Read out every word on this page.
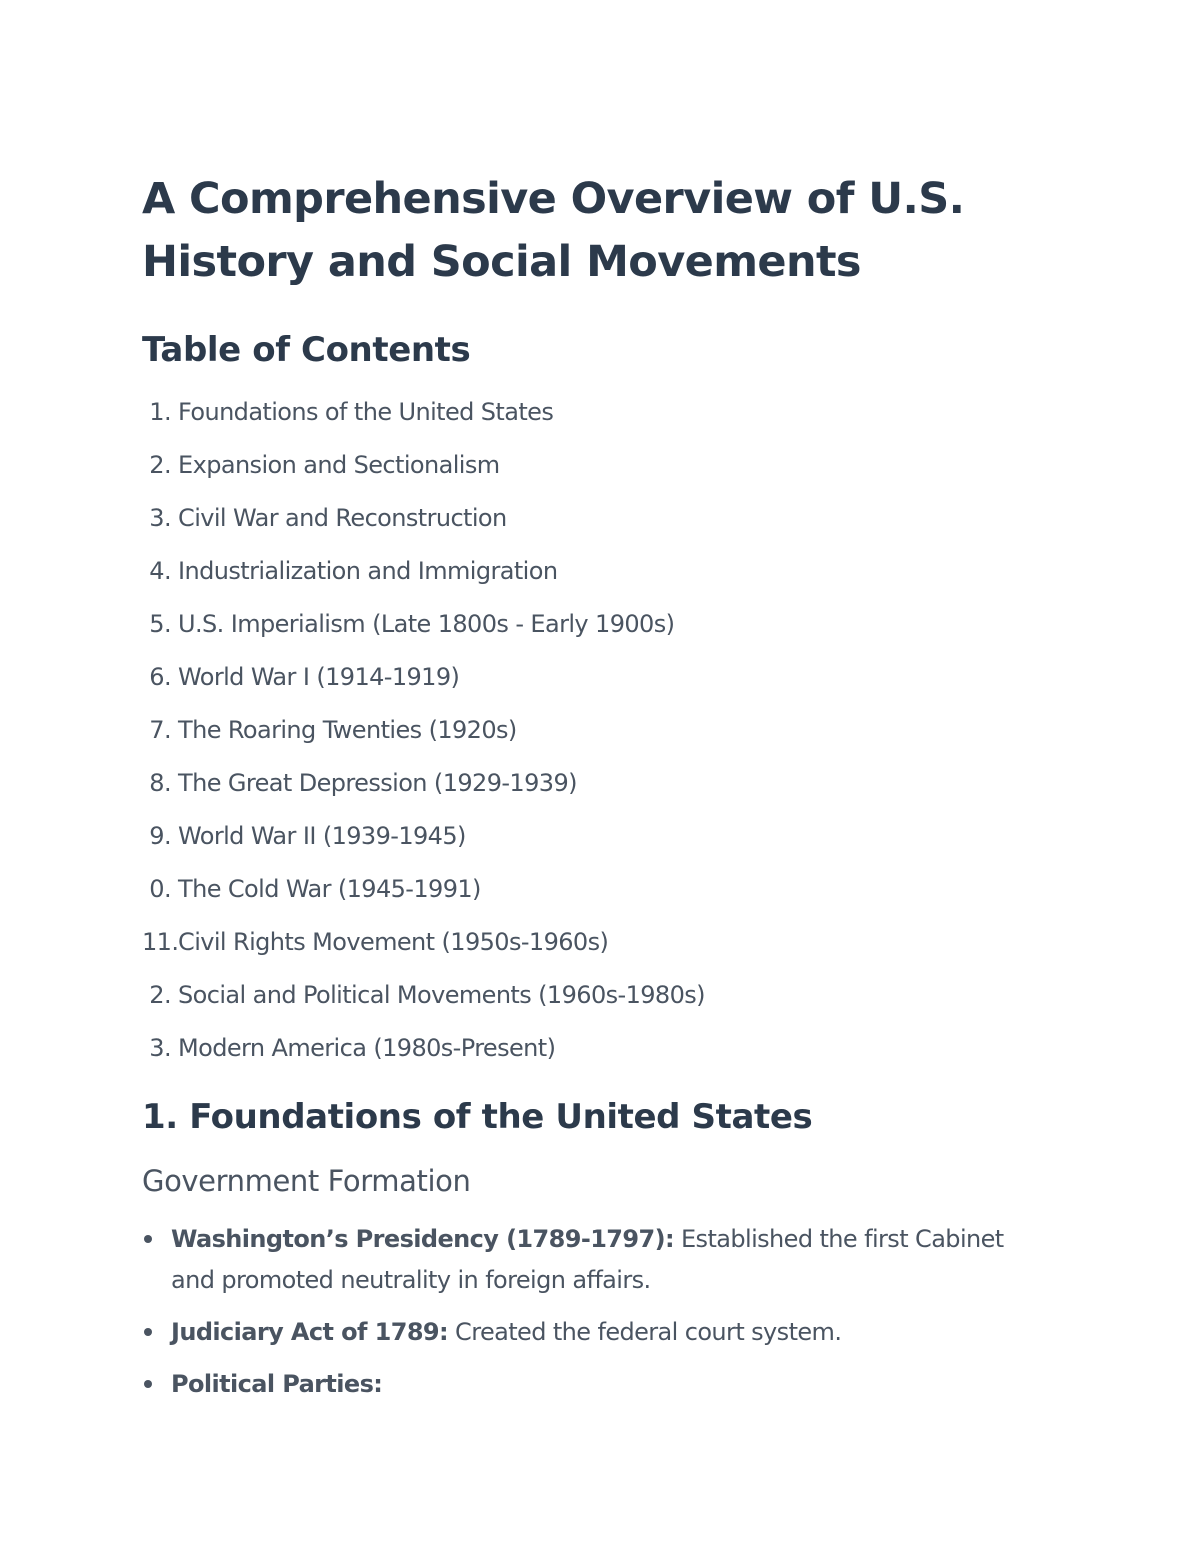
A Comprehensive Overview of U.S. History and Social Movements
Table of Contents
1. Foundations of the United States
2. Expansion and Sectionalism
3. Civil War and Reconstruction
4. Industrialization and Immigration
5. U.S. Imperialism (Late 1800s - Early 1900s)
6. World War I (1914-1919)
7. The Roaring Twenties (1920s)
8. The Great Depression (1929-1939)
9. World War II (1939-1945)
0. The Cold War (1945-1991)
11. Civil Rights Movement (1950s-1960s)
2. Social and Political Movements (1960s-1980s)
3. Modern America (1980s-Present)
1. Foundations of the United States
Government Formation
Washington’s Presidency (1789-1797): Established the first Cabinet and promoted neutrality in foreign affairs.
Judiciary Act of 1789: Created the federal court system.
Political Parties:
